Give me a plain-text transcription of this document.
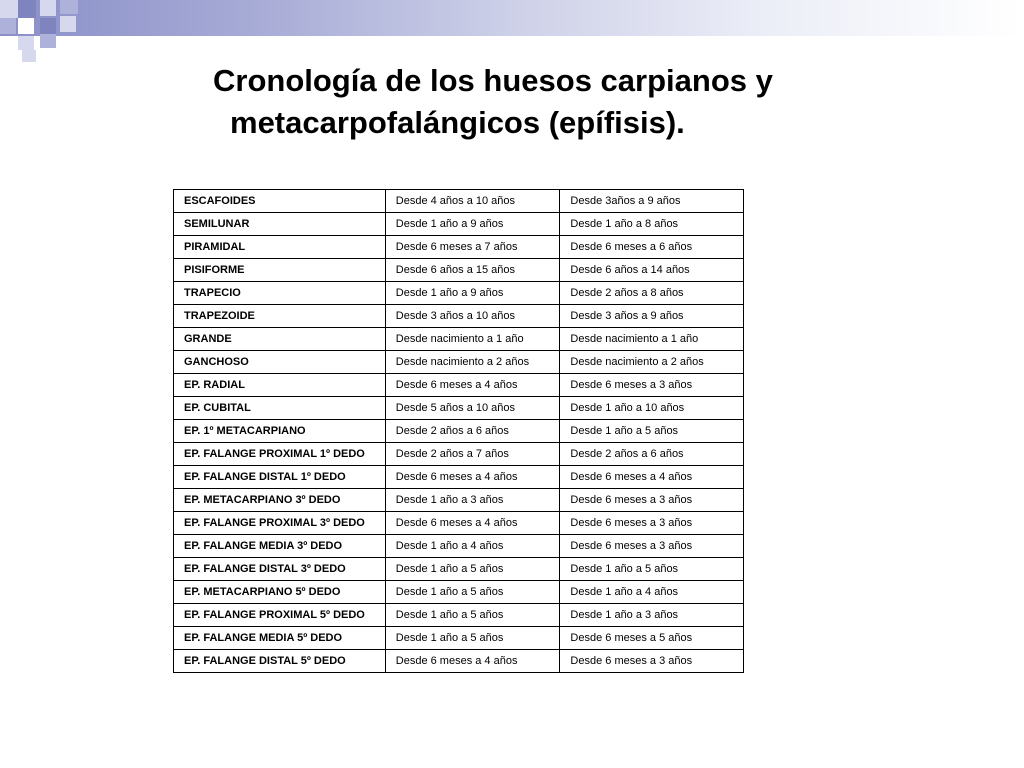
Cronología de los huesos carpianos y
metacarpofalángicos (epífisis).
ESCAFOIDES	Desde 4 años a 10 años	Desde 3años a 9 años
SEMILUNAR	Desde 1 año a 9 años	Desde 1 año a 8 años
PIRAMIDAL	Desde 6 meses a 7 años	Desde 6 meses a 6 años
PISIFORME	Desde 6 años a 15 años	Desde 6 años a 14 años
TRAPECIO	Desde 1 año a 9 años	Desde 2 años a 8 años
TRAPEZOIDE	Desde 3 años a 10 años	Desde 3 años a 9 años
GRANDE	Desde nacimiento a 1 año	Desde nacimiento a 1 año
GANCHOSO	Desde nacimiento a 2 años	Desde nacimiento a 2 años
EP. RADIAL	Desde 6 meses a 4 años	Desde 6 meses a 3 años
EP. CUBITAL	Desde 5 años a 10 años	Desde 1 año a 10 años
EP. 1º METACARPIANO	Desde 2 años a 6 años	Desde 1 año a 5 años
EP. FALANGE PROXIMAL 1º DEDO	Desde 2 años a 7 años	Desde 2 años a 6 años
EP. FALANGE DISTAL 1º DEDO	Desde 6 meses a 4 años	Desde 6 meses a 4 años
EP. METACARPIANO 3º DEDO	Desde 1 año a 3 años	Desde 6 meses a 3 años
EP. FALANGE PROXIMAL 3º DEDO	Desde 6 meses a 4 años	Desde 6 meses a 3 años
EP. FALANGE MEDIA 3º DEDO	Desde 1 año a 4 años	Desde 6 meses a 3 años
EP. FALANGE DISTAL 3º DEDO	Desde 1 año a 5 años	Desde 1 año a 5 años
EP. METACARPIANO 5º DEDO	Desde 1 año a 5 años	Desde 1 año a 4 años
EP. FALANGE PROXIMAL 5º DEDO	Desde 1 año a 5 años	Desde 1 año a 3 años
EP. FALANGE MEDIA 5º DEDO	Desde 1 año a 5 años	Desde 6 meses a 5 años
EP. FALANGE DISTAL 5º DEDO	Desde 6 meses a 4 años	Desde 6 meses a 3 años
